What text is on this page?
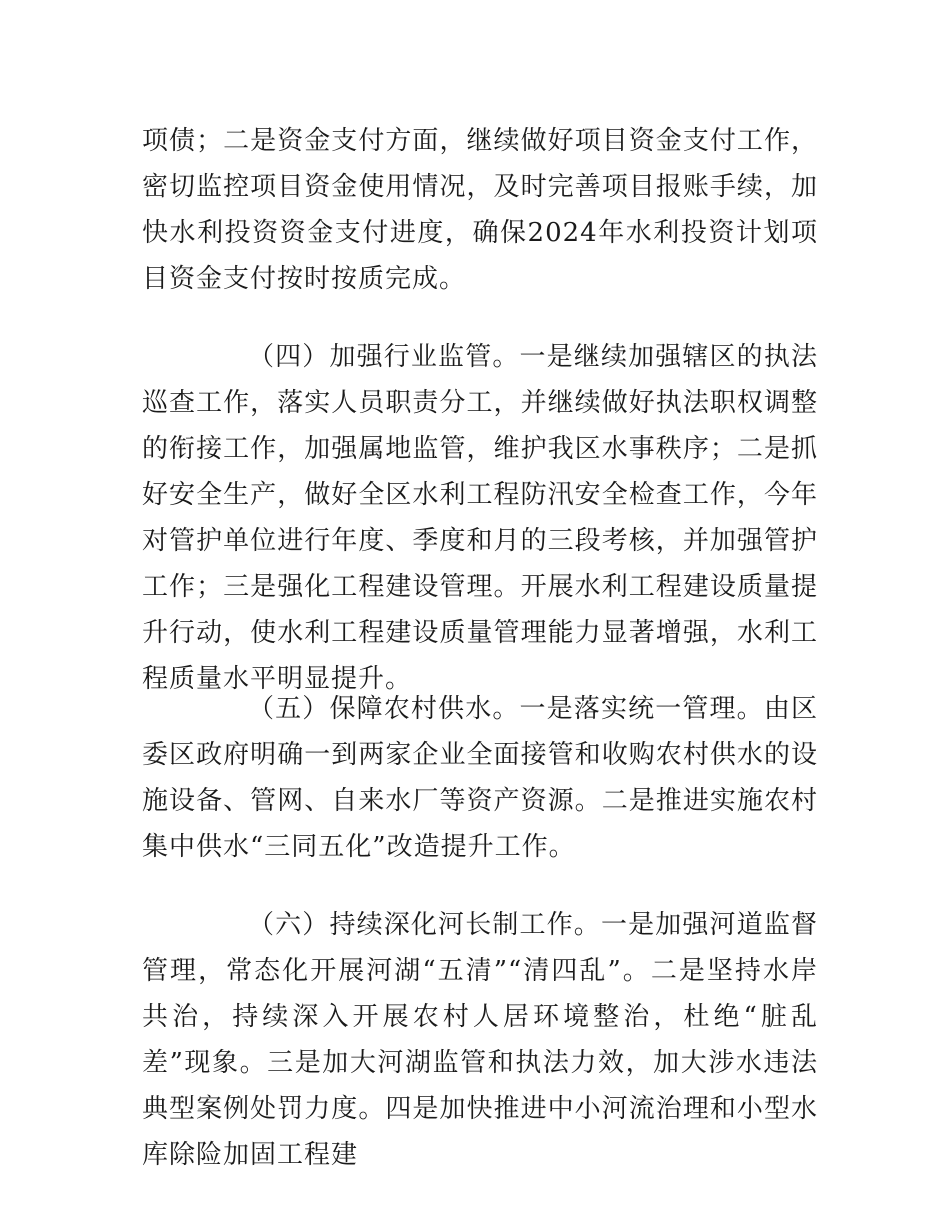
项债；二是资金支付方面，继续做好项目资金支付工作，密切监控项目资金使用情况，及时完善项目报账手续，加快水利投资资金支付进度，确保2024年水利投资计划项目资金支付按时按质完成。

（四）加强行业监管。一是继续加强辖区的执法巡查工作，落实人员职责分工，并继续做好执法职权调整的衔接工作，加强属地监管，维护我区水事秩序；二是抓好安全生产，做好全区水利工程防汛安全检查工作，今年对管护单位进行年度、季度和月的三段考核，并加强管护工作；三是强化工程建设管理。开展水利工程建设质量提升行动，使水利工程建设质量管理能力显著增强，水利工程质量水平明显提升。

（五）保障农村供水。一是落实统一管理。由区委区政府明确一到两家企业全面接管和收购农村供水的设施设备、管网、自来水厂等资产资源。二是推进实施农村集中供水“三同五化”改造提升工作。

（六）持续深化河长制工作。一是加强河道监督管理，常态化开展河湖“五清”“清四乱”。二是坚持水岸共治，持续深入开展农村人居环境整治，杜绝“脏乱差”现象。三是加大河湖监管和执法力效，加大涉水违法典型案例处罚力度。四是加快推进中小河流治理和小型水库除险加固工程建
